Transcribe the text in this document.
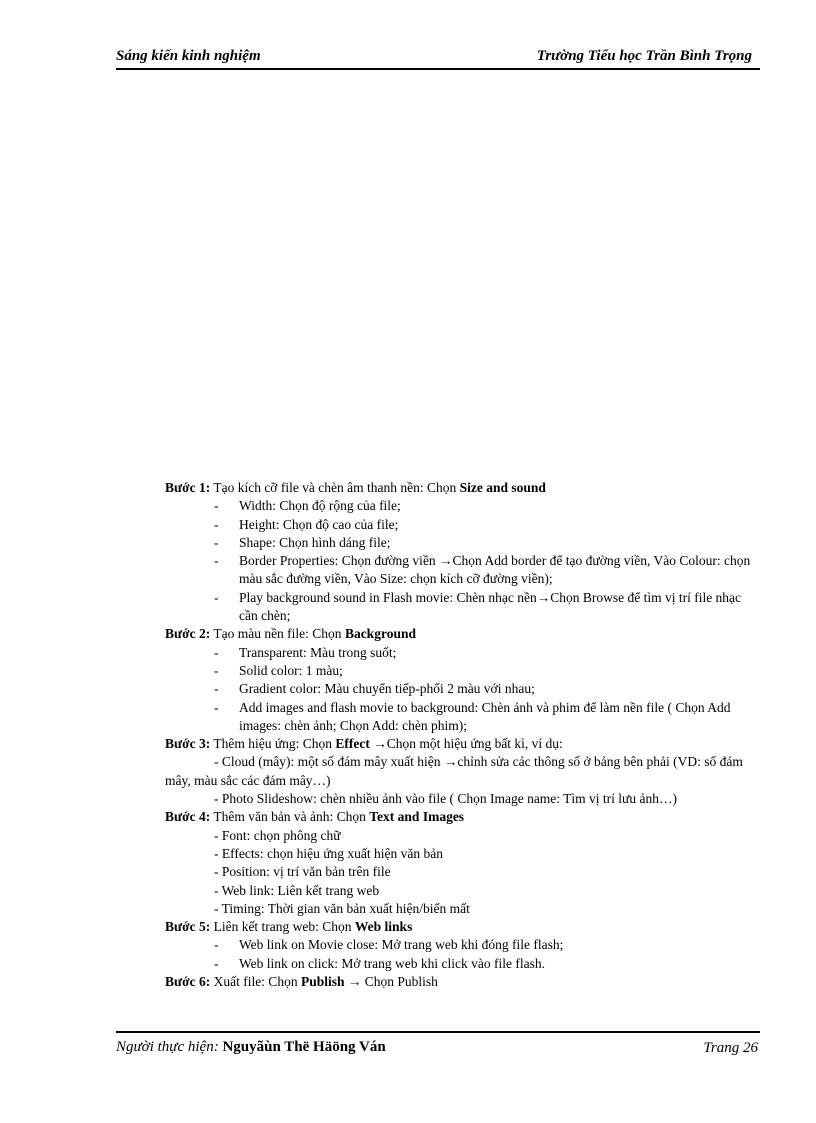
Sáng kiến kinh nghiệm	Trường Tiểu học Trần Bình Trọng
Bước 1: Tạo kích cỡ file và chèn âm thanh nền: Chọn Size and sound
- Width: Chọn độ rộng của file;
- Height: Chọn độ cao của file;
- Shape: Chọn hình dáng file;
- Border Properties: Chọn đường viền →Chọn Add border để tạo đường viền, Vào Colour: chọn màu sắc đường viền, Vào Size: chọn kích cỡ đường viền);
- Play background sound in Flash movie: Chèn nhạc nền→Chọn Browse để tìm vị trí file nhạc cần chèn;
Bước 2: Tạo màu nền file: Chọn Background
- Transparent: Màu trong suốt;
- Solid color: 1 màu;
- Gradient color: Màu chuyển tiếp-phối 2 màu với nhau;
- Add images and flash movie to background: Chèn ảnh và phim để làm nền file ( Chọn Add images: chèn ảnh; Chọn Add: chèn phim);
Bước 3: Thêm hiệu ứng: Chọn Effect →Chọn một hiệu ứng bất kì, ví dụ:
- Cloud (mây): một số đám mây xuất hiện →chỉnh sửa các thông số ở bảng bên phải (VD: số đám mây, màu sắc các đám mây…)
- Photo Slideshow: chèn nhiều ảnh vào file ( Chọn Image name: Tìm vị trí lưu ảnh…)
Bước 4: Thêm văn bản và ảnh: Chọn Text and Images
- Font: chọn phông chữ
- Effects: chọn hiệu ứng xuất hiện văn bản
- Position: vị trí văn bản trên file
- Web link: Liên kết trang web
- Timing: Thời gian văn bản xuất hiện/biến mất
Bước 5: Liên kết trang web: Chọn Web links
- Web link on Movie close: Mở trang web khi đóng file flash;
- Web link on click: Mở trang web khi click vào file flash.
Bước 6: Xuất file: Chọn Publish → Chọn Publish
Người thực hiện: Nguyãùn Thë Häöng Ván	Trang 26
